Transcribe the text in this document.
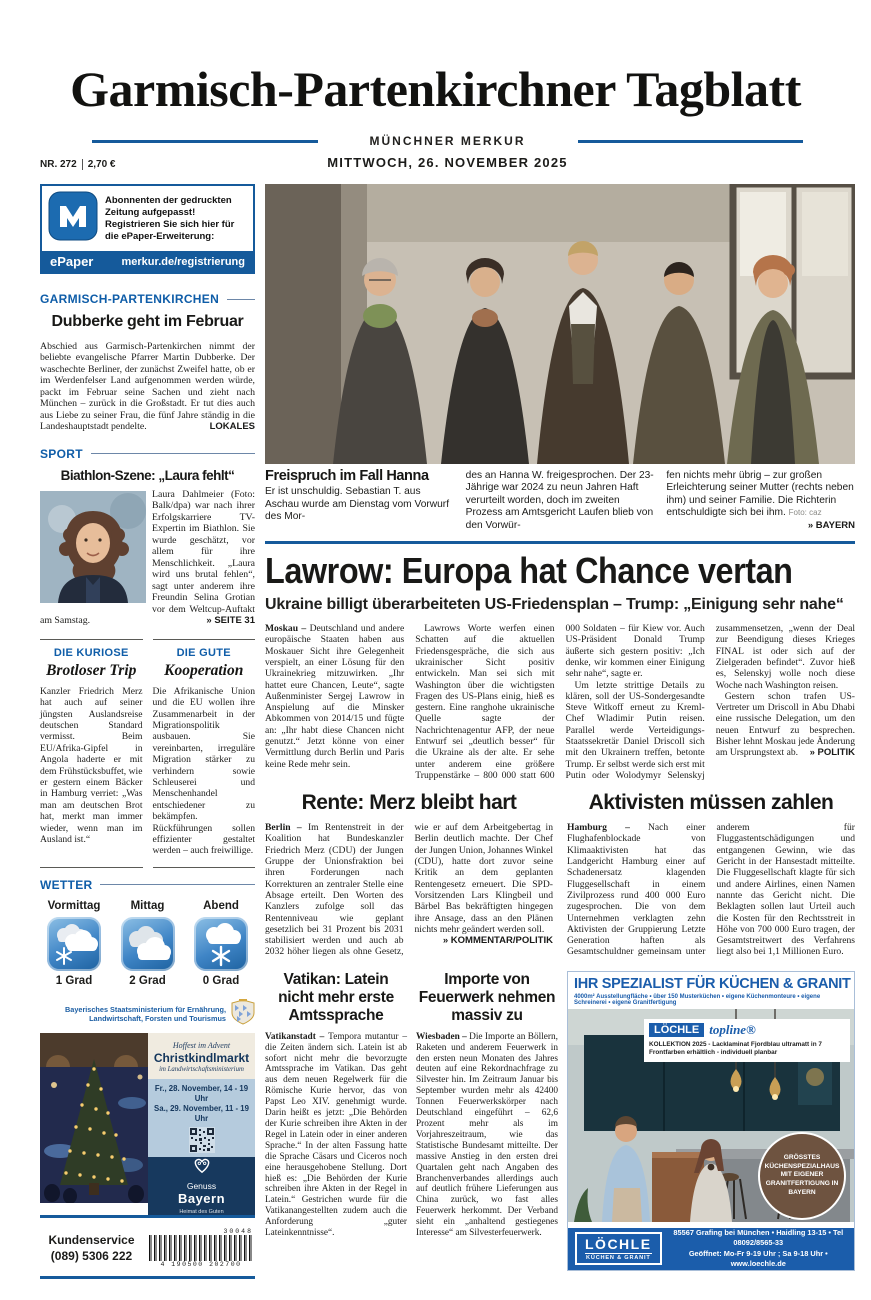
Garmisch-Partenkirchner Tagblatt
MÜNCHNER MERKUR
MITTWOCH, 26. NOVEMBER 2025
NR. 272 2,70 €
Abonnenten der gedruckten Zeitung aufgepasst! Registrieren Sie sich hier für die ePaper-Erweiterung:
ePaper	merkur.de/registrierung
GARMISCH-PARTENKIRCHEN
Dubberke geht im Februar

Abschied aus Garmisch-Partenkirchen nimmt der beliebte evangelische Pfarrer Martin Dubberke. Der waschechte Berliner, der zunächst Zweifel hatte, ob er im Werdenfelser Land aufgenommen werden würde, packt im Februar seine Sachen und zieht nach München – zurück in die Großstadt. Er tut dies auch aus Liebe zu seiner Frau, die fünf Jahre ständig in die Landeshauptstadt pendelte.	LOKALES

SPORT
Biathlon-Szene: „Laura fehlt“
Laura Dahlmeier (Foto: Balk/dpa) war nach ihrer Erfolgskarriere TV-Expertin im Biathlon. Sie wurde geschätzt, vor allem für ihre Menschlichkeit. „Laura wird uns brutal fehlen“, sagt unter anderem ihre Freundin Selina Grotian vor dem Weltcup-Auftakt am Samstag.	» SEITE 31
DIE KURIOSE
Brotloser Trip

Kanzler Friedrich Merz hat auch auf seiner jüngsten Auslandsreise deutschen Standard vermisst. Beim EU/Afrika-Gipfel in Angola haderte er mit dem Frühstücksbuffet, wie er gestern einem Bäcker in Hamburg verriet: „Was man am deutschen Brot hat, merkt man immer wieder, wenn man im Ausland ist.“

DIE GUTE
Kooperation

Die Afrikanische Union und die EU wollen ihre Zusammenarbeit in der Migrationspolitik ausbauen. Sie vereinbarten, irreguläre Migration stärker zu verhindern sowie Schleuserei und Menschenhandel entschiedener zu bekämpfen. Rückführungen sollen effizienter gestaltet werden – auch freiwillige.

WETTER
Vormittag
1 Grad
Mittag
2 Grad
Abend
0 Grad
Bayerisches Staatsministerium für Ernährung, Landwirtschaft, Forsten und Tourismus
Hoffest im Advent
Christkindlmarkt
im Landwirtschaftsministerium
Fr., 28. November, 14 - 19 Uhr
Sa., 29. November, 11 - 19 Uhr
Genuss
Bayern
Heimat des Guten
Kundenservice
(089) 5306 222
30048
4 190500 202700
Freispruch im Fall Hanna

Er ist unschuldig. Sebastian T. aus Aschau wurde am Dienstag vom Vorwurf des Mor-

des an Hanna W. freigesprochen. Der 23-Jährige war 2024 zu neun Jahren Haft verurteilt worden, doch im zweiten Prozess am Amtsgericht Laufen blieb von den Vorwür-

fen nichts mehr übrig – zur großen Erleichterung seiner Mutter (rechts neben ihm) und seiner Familie. Die Richterin entschuldigte sich bei ihm. Foto: caz
» BAYERN

Lawrow: Europa hat Chance vertan
Ukraine billigt überarbeiteten US-Friedensplan – Trump: „Einigung sehr nahe“

Moskau – Deutschland und andere europäische Staaten haben aus Moskauer Sicht ihre Gelegenheit verspielt, an einer Lösung für den Ukrainekrieg mitzuwirken. „Ihr hattet eure Chancen, Leute“, sagte Außenminister Sergej Lawrow in Anspielung auf die Minsker Abkommen von 2014/15 und fügte an: „Ihr habt diese Chancen nicht genutzt.“ Jetzt könne von einer Vermittlung durch Berlin und Paris keine Rede mehr sein.

Lawrows Worte werfen einen Schatten auf die aktuellen Friedensgespräche, die sich aus ukrainischer Sicht positiv entwickeln. Man sei sich mit Washington über die wichtigsten Fragen des US-Plans einig, hieß es gestern. Eine ranghohe ukrainische Quelle sagte der Nachrichtenagentur AFP, der neue Entwurf sei „deutlich besser“ für die Ukraine als der alte. Er sehe unter anderem eine größere Truppenstärke – 800 000 statt 600 000 Soldaten – für Kiew vor. Auch US-Präsident Donald Trump äußerte sich gestern positiv: „Ich denke, wir kommen einer Einigung sehr nahe“, sagte er.

Um letzte strittige Details zu klären, soll der US-Sondergesandte Steve Witkoff erneut zu Kreml-Chef Wladimir Putin reisen. Parallel werde Verteidigungs-Staatssekretär Daniel Driscoll sich mit den Ukrainern treffen, betonte Trump. Er selbst werde sich erst mit Putin oder Wolodymyr Selenskyj zusammensetzen, „wenn der Deal zur Beendigung dieses Krieges FINAL ist oder sich auf der Zielgeraden befindet“. Zuvor hieß es, Selenskyj wolle noch diese Woche nach Washington reisen.

Gestern schon trafen US-Vertreter um Driscoll in Abu Dhabi eine russische Delegation, um den neuen Entwurf zu besprechen. Bisher lehnt Moskau jede Änderung am Ursprungstext ab.	» POLITIK

Rente: Merz bleibt hart

Berlin – Im Rentenstreit in der Koalition hat Bundeskanzler Friedrich Merz (CDU) der Jungen Gruppe der Unionsfraktion bei ihren Forderungen nach Korrekturen an zentraler Stelle eine Absage erteilt. Den Worten des Kanzlers zufolge soll das Rentenniveau wie geplant gesetzlich bei 31 Prozent bis 2031 stabilisiert werden und auch ab 2032 höher liegen als ohne Gesetz, wie er auf dem Arbeitgebertag in Berlin deutlich machte. Der Chef der Jungen Union, Johannes Winkel (CDU), hatte dort zuvor seine Kritik an dem geplanten Rentengesetz erneuert. Die SPD-Vorsitzenden Lars Klingbeil und Bärbel Bas bekräftigten hingegen ihre Ansage, dass an den Plänen nichts mehr geändert werden soll.
» KOMMENTAR/POLITIK

Aktivisten müssen zahlen

Hamburg – Nach einer Flughafenblockade von Klimaaktivisten hat das Landgericht Hamburg einer auf Schadenersatz klagenden Fluggesellschaft in einem Zivilprozess rund 400 000 Euro zugesprochen. Die von dem Unternehmen verklagten zehn Aktivisten der Gruppierung Letzte Generation haften als Gesamtschuldner gemeinsam unter anderem für Fluggastentschädigungen und entgangenen Gewinn, wie das Gericht in der Hansestadt mitteilte. Die Fluggesellschaft klagte für sich und andere Airlines, einen Namen nannte das Gericht nicht. Die Beklagten sollen laut Urteil auch die Kosten für den Rechtsstreit in Höhe von 700 000 Euro tragen, der Gesamtstreitwert des Verfahrens liegt also bei 1,1 Millionen Euro.

Vatikan: Latein nicht mehr erste Amtssprache

Vatikanstadt – Tempora mutantur – die Zeiten ändern sich. Latein ist ab sofort nicht mehr die bevorzugte Amtssprache im Vatikan. Das geht aus dem neuen Regelwerk für die Römische Kurie hervor, das von Papst Leo XIV. genehmigt wurde. Darin heißt es jetzt: „Die Behörden der Kurie schreiben ihre Akten in der Regel in Latein oder in einer anderen Sprache.“ In der alten Fassung hatte die Sprache Cäsars und Ciceros noch eine herausgehobene Stellung. Dort hieß es: „Die Behörden der Kurie schreiben ihre Akten in der Regel in Latein.“ Gestrichen wurde für die Vatikanangestellten zudem auch die Anforderung „guter Lateinkenntnisse“.

Importe von Feuerwerk nehmen massiv zu

Wiesbaden – Die Importe an Böllern, Raketen und anderem Feuerwerk in den ersten neun Monaten des Jahres deuten auf eine Rekordnachfrage zu Silvester hin. Im Zeitraum Januar bis September wurden mehr als 42400 Tonnen Feuerwerkskörper nach Deutschland eingeführt – 62,6 Prozent mehr als im Vorjahreszeitraum, wie das Statistische Bundesamt mitteilte. Der massive Anstieg in den ersten drei Quartalen geht nach Angaben des Branchenverbandes allerdings auch auf deutlich frühere Lieferungen aus China zurück, wo fast alles Feuerwerk herkommt. Der Verband sieht ein „anhaltend gestiegenes Interesse“ am Silvesterfeuerwerk.

IHR SPEZIALIST FÜR KÜCHEN & GRANIT
4000m² Ausstellungfläche • über 150 Musterküchen • eigene Küchenmonteure • eigene Schreinerei • eigene Granitfertigung
LÖCHLE topline®
KOLLEKTION 2025 - Lacklaminat Fjordblau ultramatt in 7 Frontfarben erhältlich - individuell planbar
GRÖSSTES KÜCHENSPEZIALHAUS MIT EIGENER GRANITFERTIGUNG IN BAYERN
LÖCHLE
KÜCHEN & GRANIT
85567 Grafing bei München • Haidling 13-15 • Tel 08092/8565-33
Geöffnet: Mo-Fr 9-19 Uhr ; Sa 9-18 Uhr • www.loechle.de
